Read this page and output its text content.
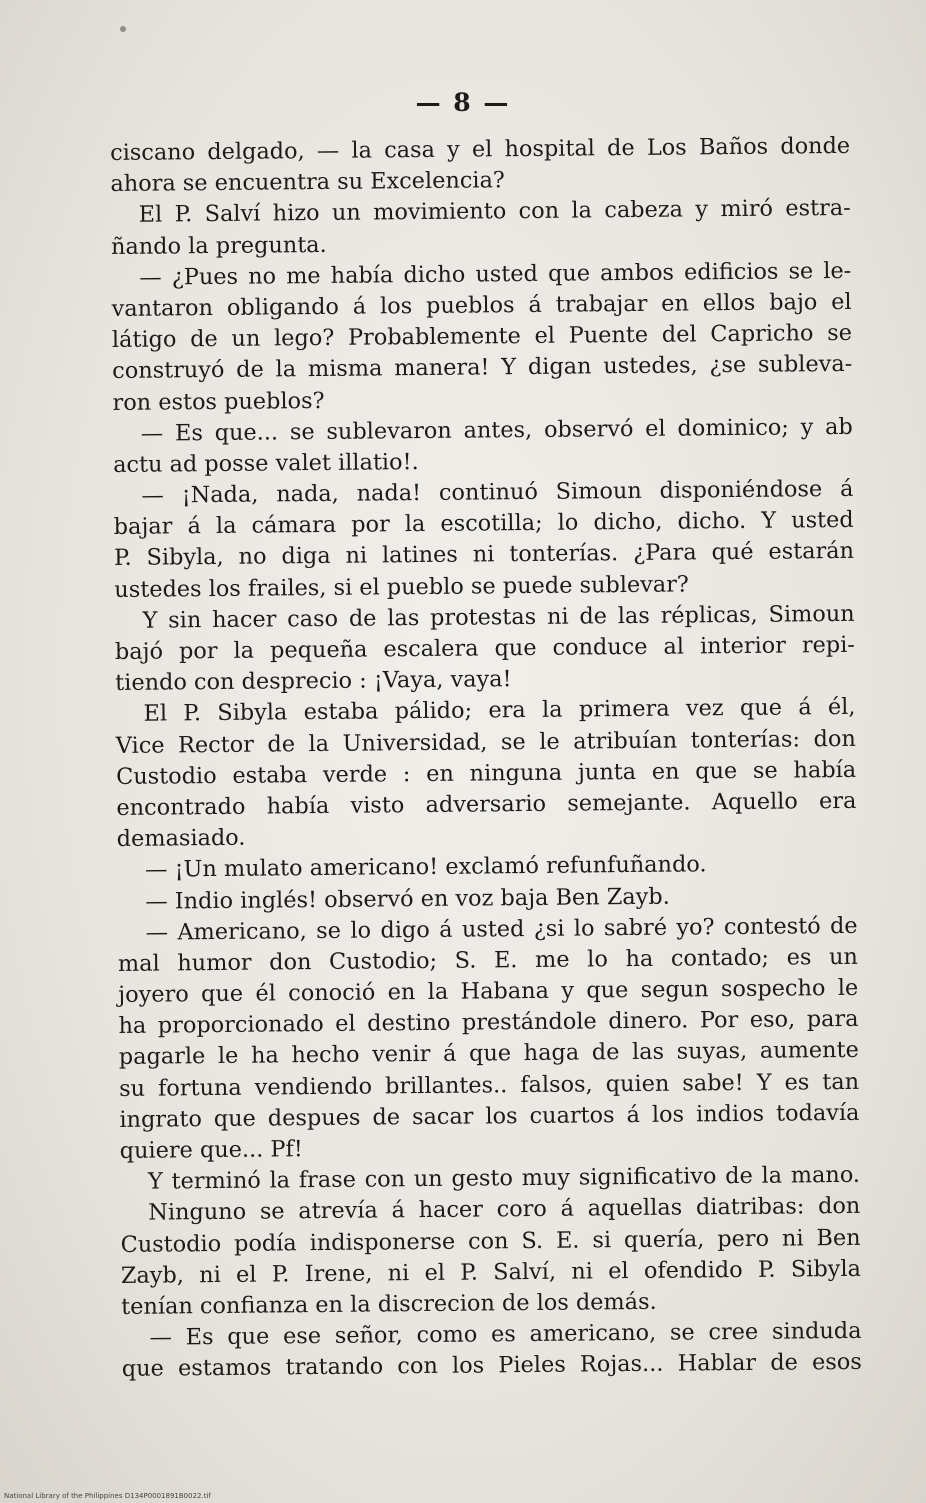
— 8 —
ciscano delgado, — la casa y el hospital de Los Baños donde
ahora se encuentra su Excelencia?
El P. Salví hizo un movimiento con la cabeza y miró estra-
ñando la pregunta.
— ¿Pues no me había dicho usted que ambos edificios se le-
vantaron obligando á los pueblos á trabajar en ellos bajo el
látigo de un lego? Probablemente el Puente del Capricho se
construyó de la misma manera! Y digan ustedes, ¿se subleva-
ron estos pueblos?
— Es que... se sublevaron antes, observó el dominico; y ab
actu ad posse valet illatio!.
— ¡Nada, nada, nada! continuó Simoun disponiéndose á
bajar á la cámara por la escotilla; lo dicho, dicho. Y usted
P. Sibyla, no diga ni latines ni tonterías. ¿Para qué estarán
ustedes los frailes, si el pueblo se puede sublevar?
Y sin hacer caso de las protestas ni de las réplicas, Simoun
bajó por la pequeña escalera que conduce al interior repi-
tiendo con desprecio : ¡Vaya, vaya!
El P. Sibyla estaba pálido; era la primera vez que á él,
Vice Rector de la Universidad, se le atribuían tonterías: don
Custodio estaba verde : en ninguna junta en que se había
encontrado había visto adversario semejante. Aquello era
demasiado.
— ¡Un mulato americano! exclamó refunfuñando.
— Indio inglés! observó en voz baja Ben Zayb.
— Americano, se lo digo á usted ¿si lo sabré yo? contestó de
mal humor don Custodio; S. E. me lo ha contado; es un
joyero que él conoció en la Habana y que segun sospecho le
ha proporcionado el destino prestándole dinero. Por eso, para
pagarle le ha hecho venir á que haga de las suyas, aumente
su fortuna vendiendo brillantes.. falsos, quien sabe! Y es tan
ingrato que despues de sacar los cuartos á los indios todavía
quiere que... Pf!
Y terminó la frase con un gesto muy significativo de la mano.
Ninguno se atrevía á hacer coro á aquellas diatribas: don
Custodio podía indisponerse con S. E. si quería, pero ni Ben
Zayb, ni el P. Irene, ni el P. Salví, ni el ofendido P. Sibyla
tenían confianza en la discrecion de los demás.
— Es que ese señor, como es americano, se cree sinduda
que estamos tratando con los Pieles Rojas... Hablar de esos
National Library of the Philippines D134P0001891B0022.tif
